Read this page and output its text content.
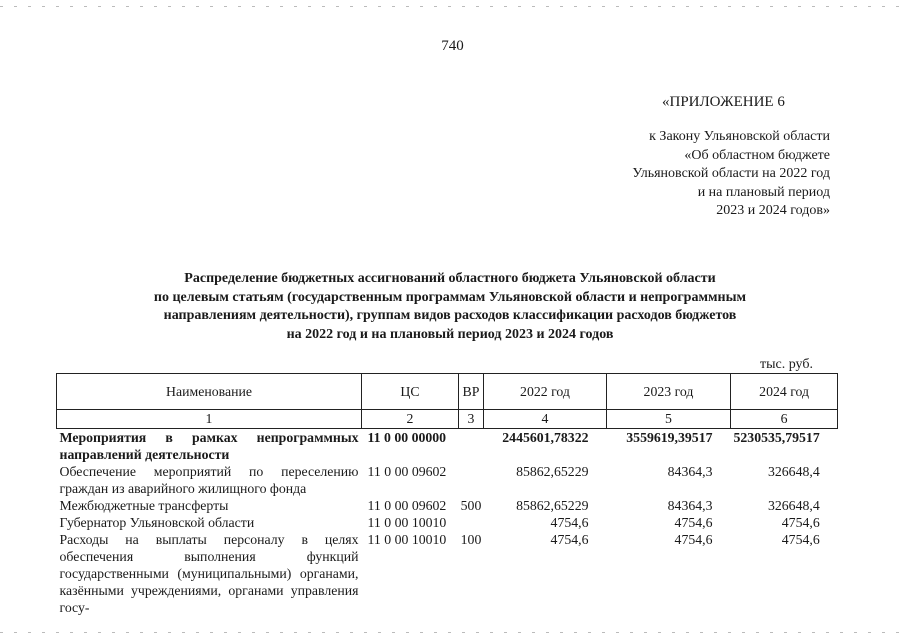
740
«ПРИЛОЖЕНИЕ 6
к Закону Ульяновской области
«Об областном бюджете
Ульяновской области на 2022 год
и на плановый период
2023 и 2024 годов»
Распределение бюджетных ассигнований областного бюджета Ульяновской области
по целевым статьям (государственным программам Ульяновской области и непрограммным
направлениям деятельности), группам видов расходов классификации расходов бюджетов
на 2022 год и на плановый период 2023 и 2024 годов
тыс. руб.
Наименование	ЦС	ВР	2022 год	2023 год	2024 год
1	2	3	4	5	6
Мероприятия в рамках непрограммных направлений деятельности	11 0 00 00000		2445601,78322	3559619,39517	5230535,79517
Обеспечение мероприятий по переселению граждан из аварийного жилищного фонда	11 0 00 09602		85862,65229	84364,3	326648,4
Межбюджетные трансферты	11 0 00 09602	500	85862,65229	84364,3	326648,4
Губернатор Ульяновской области	11 0 00 10010		4754,6	4754,6	4754,6
Расходы на выплаты персоналу в целях обеспечения выполнения функций государственными (муниципальными) органами, казёнными учреждениями, органами управления госу-	11 0 00 10010	100	4754,6	4754,6	4754,6
